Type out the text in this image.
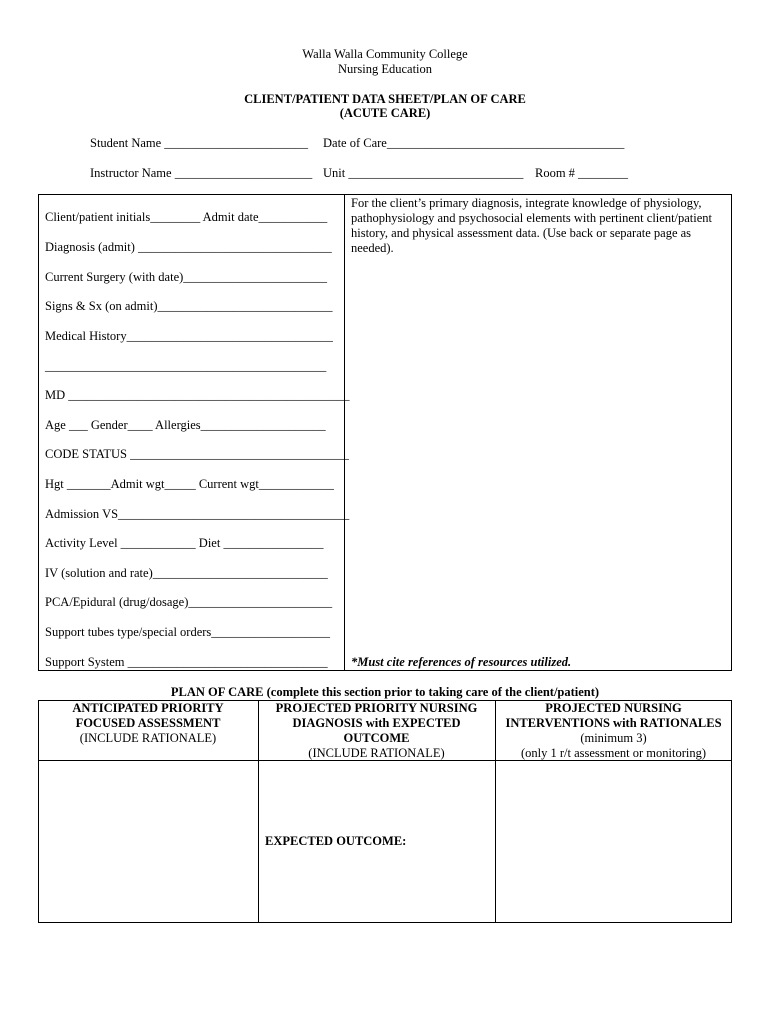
Walla Walla Community College
Nursing Education
CLIENT/PATIENT DATA SHEET/PLAN OF CARE
(ACUTE CARE)
Student Name _______________________ Date of Care______________________________________
Instructor Name ______________________ Unit ____________________________ Room # ________
Client/patient initials________ Admit date___________
Diagnosis (admit) _______________________________
Current Surgery (with date)_______________________
Signs & Sx (on admit)____________________________
Medical History_________________________________
_____________________________________________
MD _____________________________________________
Age ___ Gender____ Allergies____________________
CODE STATUS ___________________________________
Hgt _______Admit wgt_____ Current wgt____________
Admission VS_____________________________________
Activity Level ____________ Diet ________________
IV (solution and rate)____________________________
PCA/Epidural (drug/dosage)_______________________
Support tubes type/special orders___________________
Support System ________________________________
For the client’s primary diagnosis, integrate knowledge of physiology, pathophysiology and psychosocial elements with pertinent client/patient history, and physical assessment data. (Use back or separate page as needed).
*Must cite references of resources utilized.
PLAN OF CARE (complete this section prior to taking care of the client/patient)
ANTICIPATED PRIORITY
FOCUSED ASSESSMENT
(INCLUDE RATIONALE)
PROJECTED PRIORITY NURSING
DIAGNOSIS with EXPECTED
OUTCOME
(INCLUDE RATIONALE)
PROJECTED NURSING
INTERVENTIONS with RATIONALES
(minimum 3)
(only 1 r/t assessment or monitoring)
EXPECTED OUTCOME:
